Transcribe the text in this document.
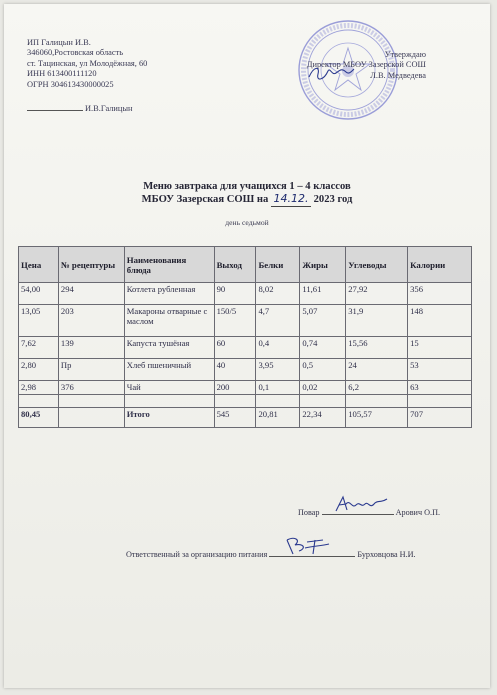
ИП Галицын И.В.
346060,Ростовская область
ст. Тацинская, ул Молодёжная, 60
ИНН 613400111120
ОГРН 304613430000025
И.В.Галицын
Утверждаю
Директор МБОУ Зазерской СОШ
Л.В. Медведева
Меню завтрака для учащихся 1 – 4 классов
МБОУ Зазерская СОШ на 14.12. 2023 год
день седьмой
Цена	№ рецептуры	Наименования блюда	Выход	Белки	Жиры	Углеводы	Калории
54,00	294	Котлета рубленная	90	8,02	11,61	27,92	356
13,05	203	Макароны отварные с маслом	150/5	4,7	5,07	31,9	148
7,62	139	Капуста тушёная	60	0,4	0,74	15,56	15
2,80	Пр	Хлеб пшеничный	40	3,95	0,5	24	53
2,98	376	Чай	200	0,1	0,02	6,2	63

80,45		Итого	545	20,81	22,34	105,57	707
Повар	Арович О.П.
Ответственный за организацию питания	Бурховцова Н.И.
